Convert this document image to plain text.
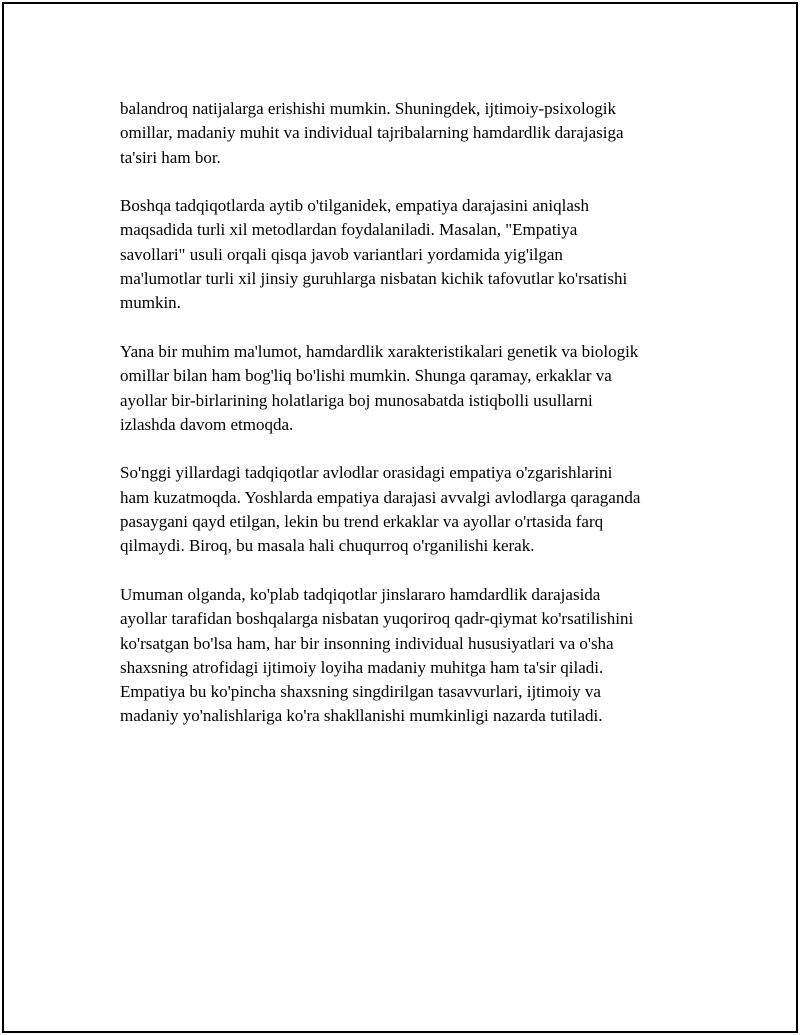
balandroq natijalarga erishishi mumkin. Shuningdek, ijtimoiy-psixologik
omillar, madaniy muhit va individual tajribalarning hamdardlik darajasiga
ta'siri ham bor.

Boshqa tadqiqotlarda aytib o'tilganidek, empatiya darajasini aniqlash
maqsadida turli xil metodlardan foydalaniladi. Masalan, "Empatiya
savollari" usuli orqali qisqa javob variantlari yordamida yig'ilgan
ma'lumotlar turli xil jinsiy guruhlarga nisbatan kichik tafovutlar ko'rsatishi
mumkin.

Yana bir muhim ma'lumot, hamdardlik xarakteristikalari genetik va biologik
omillar bilan ham bog'liq bo'lishi mumkin. Shunga qaramay, erkaklar va
ayollar bir-birlarining holatlariga boj munosabatda istiqbolli usullarni
izlashda davom etmoqda.

So'nggi yillardagi tadqiqotlar avlodlar orasidagi empatiya o'zgarishlarini
ham kuzatmoqda. Yoshlarda empatiya darajasi avvalgi avlodlarga qaraganda
pasaygani qayd etilgan, lekin bu trend erkaklar va ayollar o'rtasida farq
qilmaydi. Biroq, bu masala hali chuqurroq o'rganilishi kerak.

Umuman olganda, ko'plab tadqiqotlar jinslararo hamdardlik darajasida
ayollar tarafidan boshqalarga nisbatan yuqoriroq qadr-qiymat ko'rsatilishini
ko'rsatgan bo'lsa ham, har bir insonning individual hususiyatlari va o'sha
shaxsning atrofidagi ijtimoiy loyiha madaniy muhitga ham ta'sir qiladi.
Empatiya bu ko'pincha shaxsning singdirilgan tasavvurlari, ijtimoiy va
madaniy yo'nalishlariga ko'ra shakllanishi mumkinligi nazarda tutiladi.
